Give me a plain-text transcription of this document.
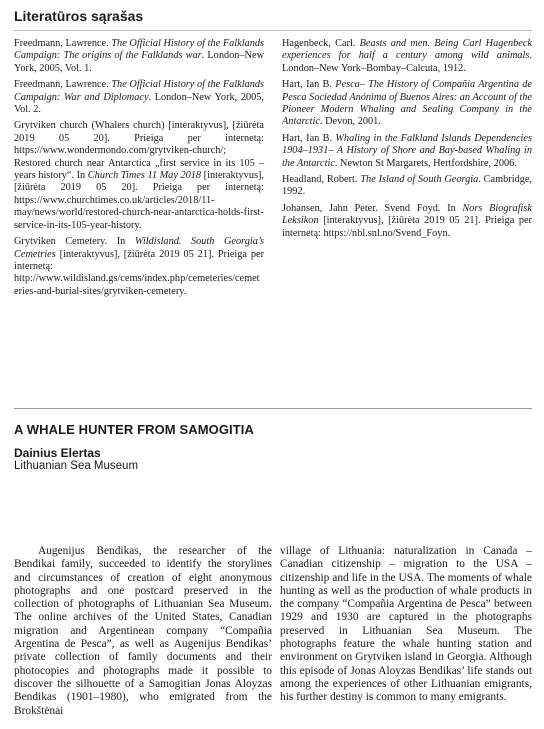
Literatūros sąrašas

Freedmann, Lawrence. The Official History of the Falklands Campaign: The origins of the Falklands war. London–New York, 2005, Vol. 1.

Freedmann, Lawrence. The Official History of the Falklands Campaign: War and Diplomacy. London–New York, 2005, Vol. 2.

Grytviken church (Whalers church) [interaktyvus], [žiūrėta 2019 05 20]. Prieiga per internetą: https://www.wondermondo.com/grytviken-church/; Restored church near Antarctica „first service in its 105 – years history“. In Church Times 11 May 2018 [interaktyvus], [žiūrėta 2019 05 20]. Prieiga per internetą: https://www.churchtimes.co.uk/articles/2018/11-may/news/world/restored-church-near-antarctica-holds-first-service-in-its-105-year-history.

Grytviken Cemetery. In Wildisland. South Georgia’s Cemetries [interaktyvus], [žiūrėta 2019 05 21]. Prieiga per internetą: http://www.wildisland.gs/cems/index.php/cemeteries/cemeteries-and-burial-sites/grytviken-cemetery.

Hagenbeck, Carl. Beasts and men. Being Carl Hagenbeck experiences for half a century among wild animals. London–New York–Bombay–Calcuta, 1912.

Hart, Ian B. Pesca– The History of Compañia Argentina de Pesca Sociedad Anónima of Buenos Aires: an Account of the Pioneer Modern Whaling and Sealing Company in the Antarctic. Devon, 2001.

Hart, Ian B. Whaling in the Falkland Islands Dependencies 1904–1931– A History of Shore and Bay-based Whaling in the Antarctic. Newton St Margarets, Hertfordshire, 2006.

Headland, Robert. The Island of South Georgia. Cambridge, 1992.

Johansen, Jahn Peter. Svend Foyd. In Nors Biografisk Leksikon [interaktyvus], [žiūrėta 2019 05 21]. Prieiga per internetą: https://nbl.snl.no/Svend_Foyn.

A WHALE HUNTER FROM SAMOGITIA
Dainius Elertas
Lithuanian Sea Museum

Augenijus Bendikas, the researcher of the Bendikai family, succeeded to identify the storylines and circumstances of creation of eight anonymous photographs and one postcard preserved in the collection of photographs of Lithuanian Sea Museum. The online archives of the United States, Canadian migration and Argentinean company “Compañia Argentina de Pesca”, as well as Augenijus Bendikas’ private collection of family documents and their photocopies and photographs made it possible to discover the silhouette of a Samogitian Jonas Aloyzas Bendikas (1901–1980), who emigrated from the Brokštėnai

village of Lithuania: naturalization in Canada – Canadian citizenship – migration to the USA – citizenship and life in the USA. The moments of whale hunting as well as the production of whale products in the company “Compañia Argentina de Pesca” between 1929 and 1930 are captured in the photographs preserved in Lithuanian Sea Museum. The photographs feature the whale hunting station and environment on Grytviken island in Georgia. Although this episode of Jonas Aloyzas Bendikas’ life stands out among the experiences of other Lithuanian emigrants, his further destiny is common to many emigrants.
